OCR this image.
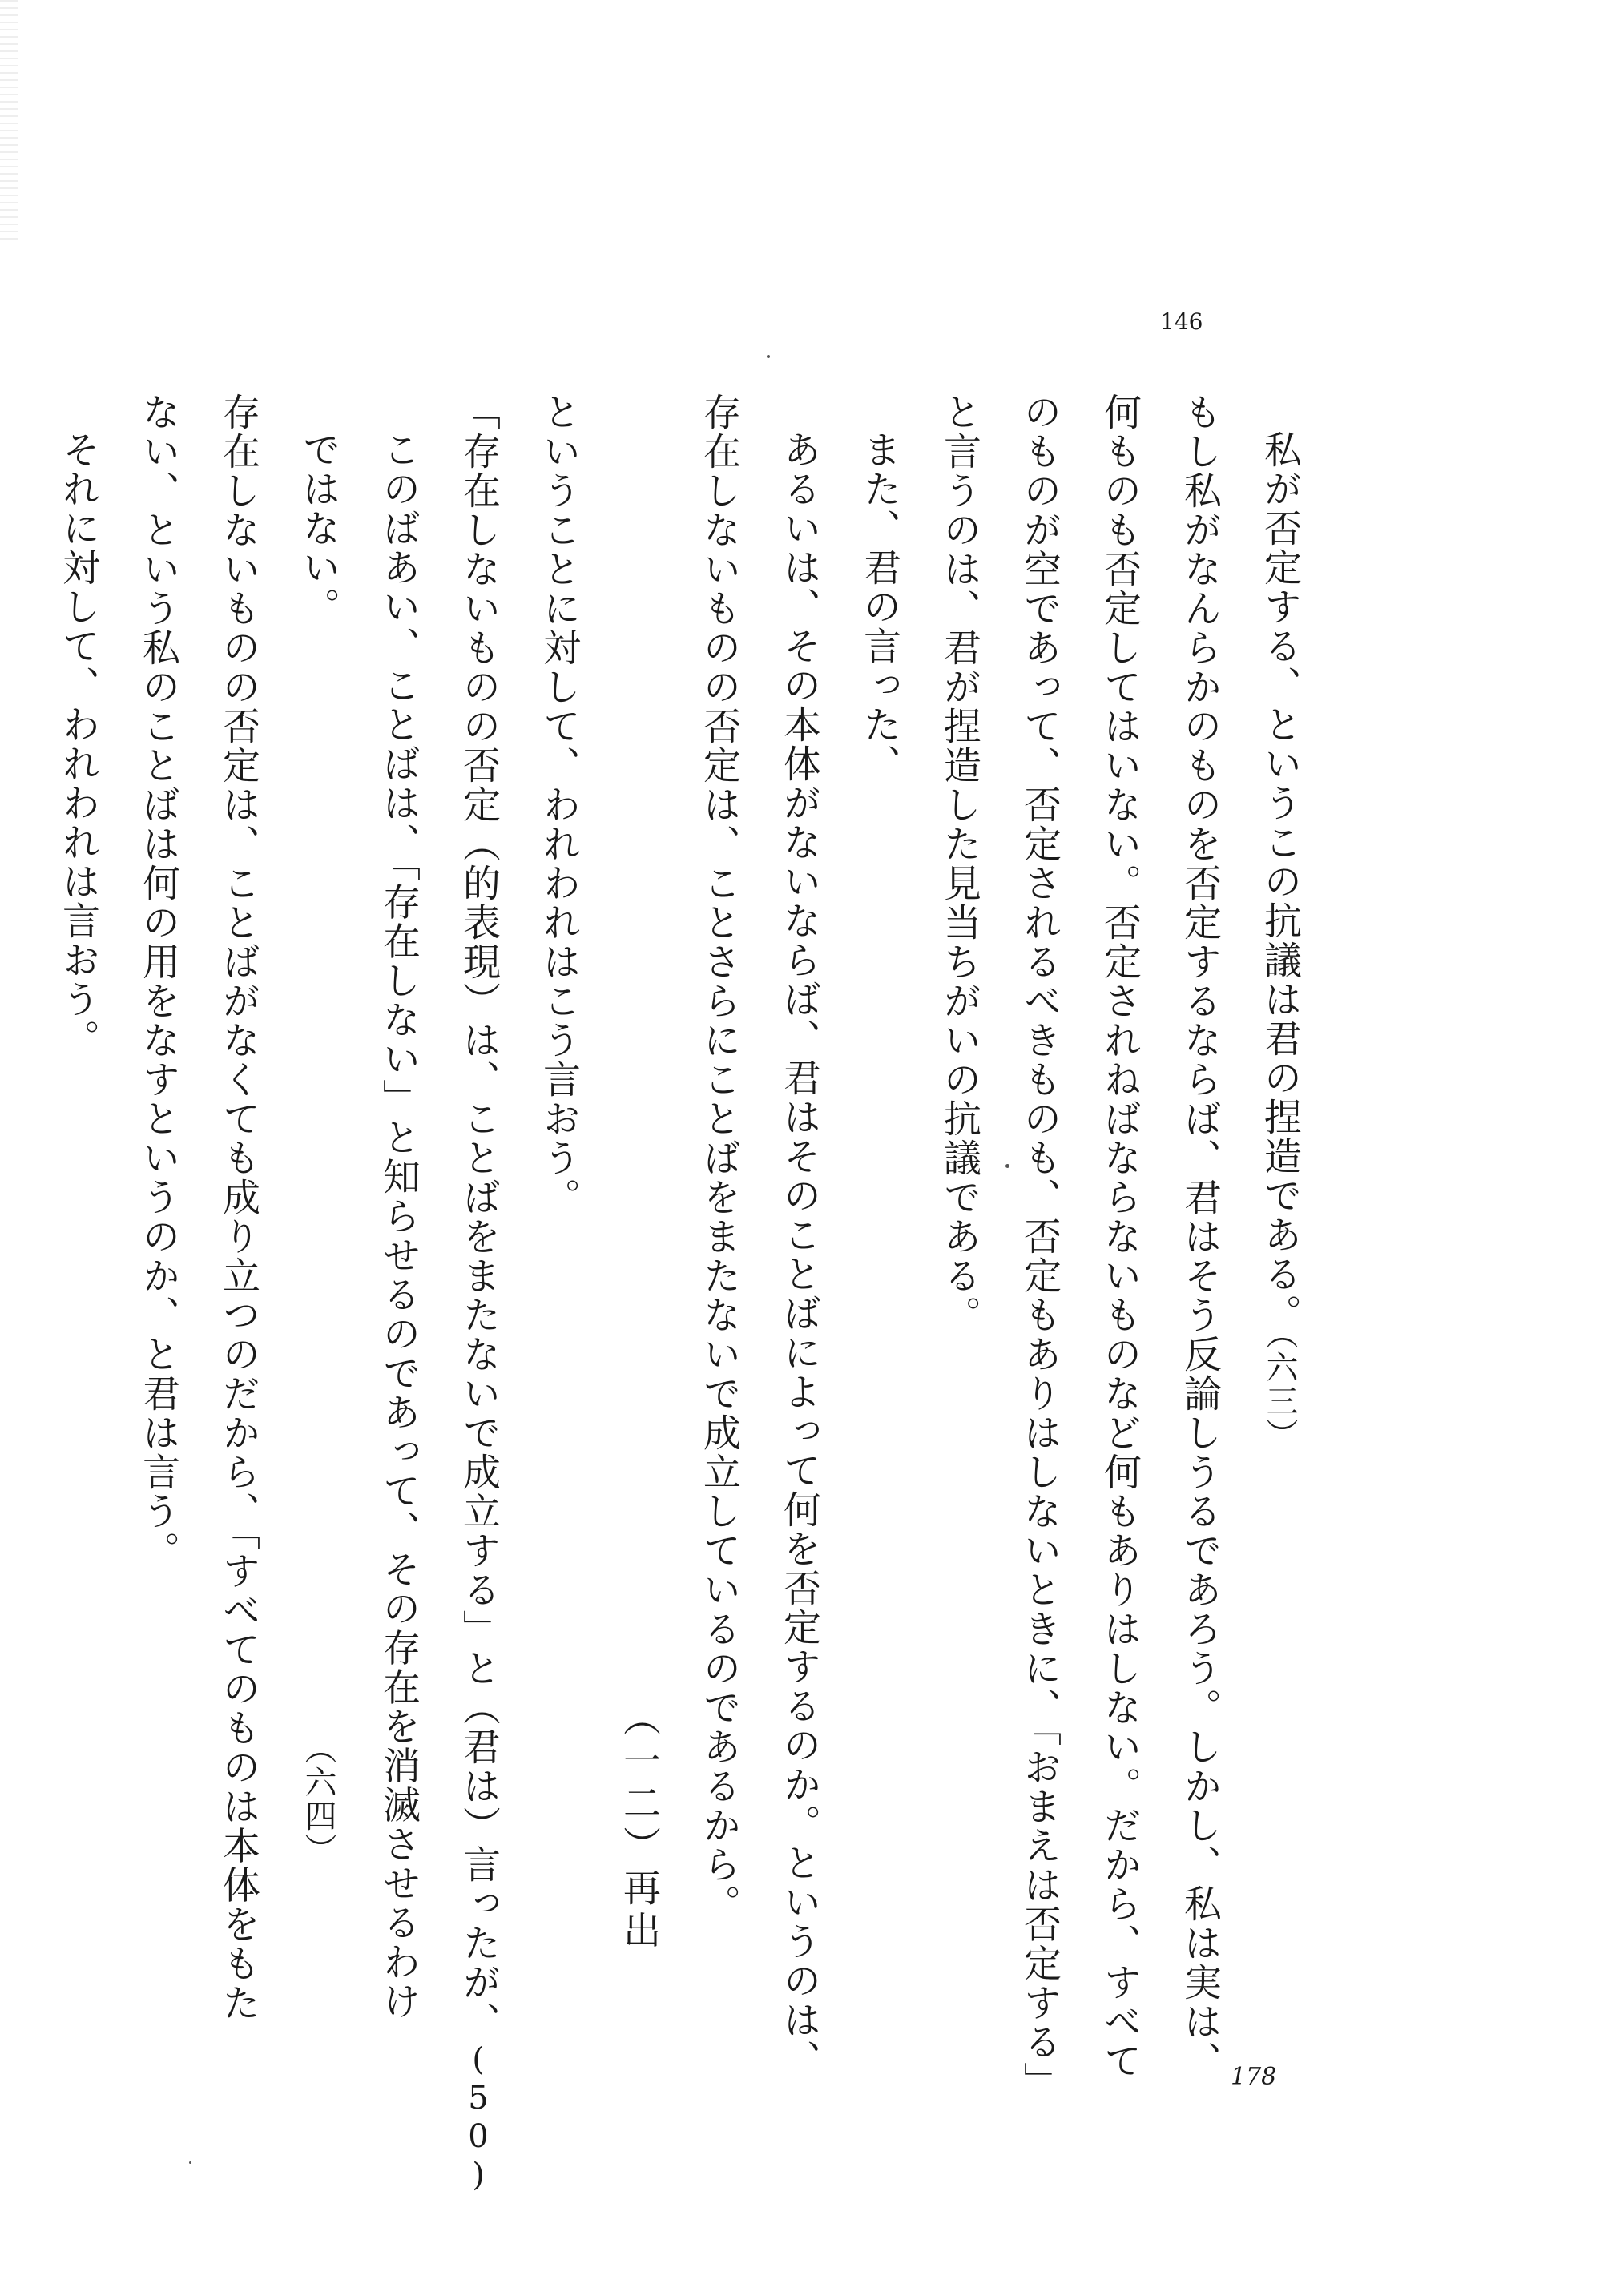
146
私が否定する、というこの抗議は君の捏造である。（六三）
もし私がなんらかのものを否定するならば、君はそう反論しうるであろう。しかし、私は実は、
何ものも否定してはいない。否定されねばならないものなど何もありはしない。だから、すべて
のものが空であって、否定されるべきものも、否定もありはしないときに、「おまえは否定する」
と言うのは、君が捏造した見当ちがいの抗議である。
また、君の言った、
あるいは、その本体がないならば、君はそのことばによって何を否定するのか。というのは、
存在しないものの否定は、ことさらにことばをまたないで成立しているのであるから。
（一二）再出
ということに対して、われわれはこう言おう。
「存在しないものの否定（的表現）は、ことばをまたないで成立する」と（君は）言ったが、(50)
このばあい、ことばは、「存在しない」と知らせるのであって、その存在を消滅させるわけ
ではない。（六四）
存在しないものの否定は、ことばがなくても成り立つのだから、「すべてのものは本体をもた
ない、という私のことばは何の用をなすというのか、と君は言う。
それに対して、われわれは言おう。
178
